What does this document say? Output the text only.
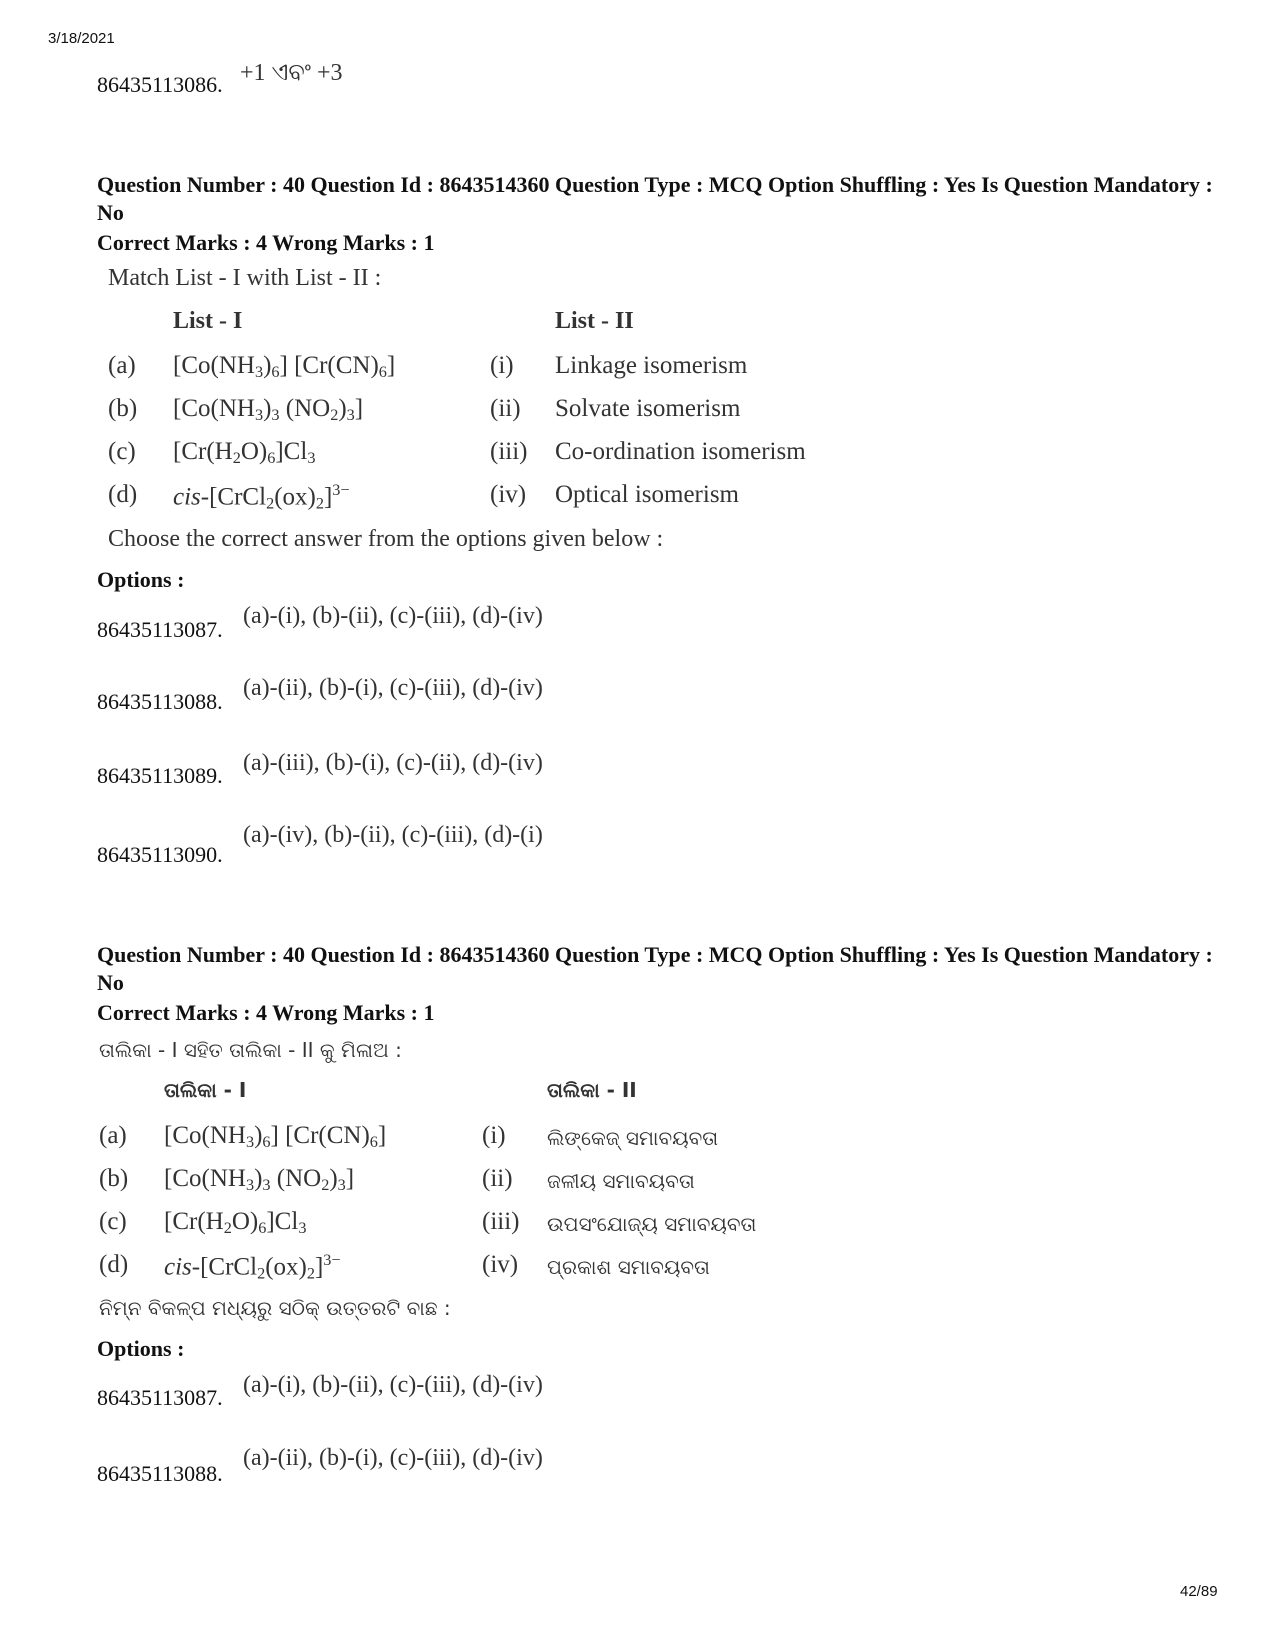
3/18/2021
42/89
86435113086. +1 ଏବଂ +3
Question Number : 40 Question Id : 8643514360 Question Type : MCQ Option Shuffling : Yes Is Question Mandatory : No
Correct Marks : 4 Wrong Marks : 1
Match List - I with List - II :
List - I	List - II
(a) $[Co(NH_3)_6]$ $[Cr(CN)_6]$	(i) Linkage isomerism
(b) [$Co(NH_3)_3$ $(NO_2)_3$]	(ii) Solvate isomerism
(c) $[Cr(H_2O)_6]Cl_3$	(iii) Co-ordination isomerism
(d) cis-$[CrCl_2(ox)_2]^{3-}$	(iv) Optical isomerism
Choose the correct answer from the options given below :
Options :
86435113087.
(a)-(i), (b)-(ii), (c)-(iii), (d)-(iv)
86435113088.
(a)-(ii), (b)-(i), (c)-(iii), (d)-(iv)
86435113089. (a)-(iii), (b)-(i), (c)-(ii), (d)-(iv)
86435113090.
(a)-(iv), (b)-(ii), (c)-(iii), (d)-(i)
Question Number : 40 Question Id : 8643514360 Question Type : MCQ Option Shuffling : Yes Is Question Mandatory : No
Correct Marks : 4 Wrong Marks : 1
ତାଲିକା - I ସହିତ ତାଲିକା - II କୁ ମିଳାଅ :
ତାଲିକା - I	ତାଲିକା - II
(a) $[Co(NH_3)_6]$ $[Cr(CN)_6]$	(i) ଲିଙ୍କେଜ୍ ସମାବୟବତା
(b) [$Co(NH_3)_3$ $(NO_2)_3$]	(ii) ଜଳୀୟ ସମାବୟବତା
(c) $[Cr(H_2O)_6]Cl_3$	(iii) ଉପସଂଯୋଜ୍ୟ ସମାବୟବତା
(d) cis-$[CrCl_2(ox)_2]^{3-}$	(iv) ପ୍ରକାଶ ସମାବୟବତା
ନିମ୍ନ ବିକଳ୍ପ ମଧ୍ୟରୁ ସଠିକ୍ ଉତ୍ତରଟି ବାଛ :
Options :
86435113087. (a)-(i), (b)-(ii), (c)-(iii), (d)-(iv)
86435113088.
(a)-(ii), (b)-(i), (c)-(iii), (d)-(iv)
